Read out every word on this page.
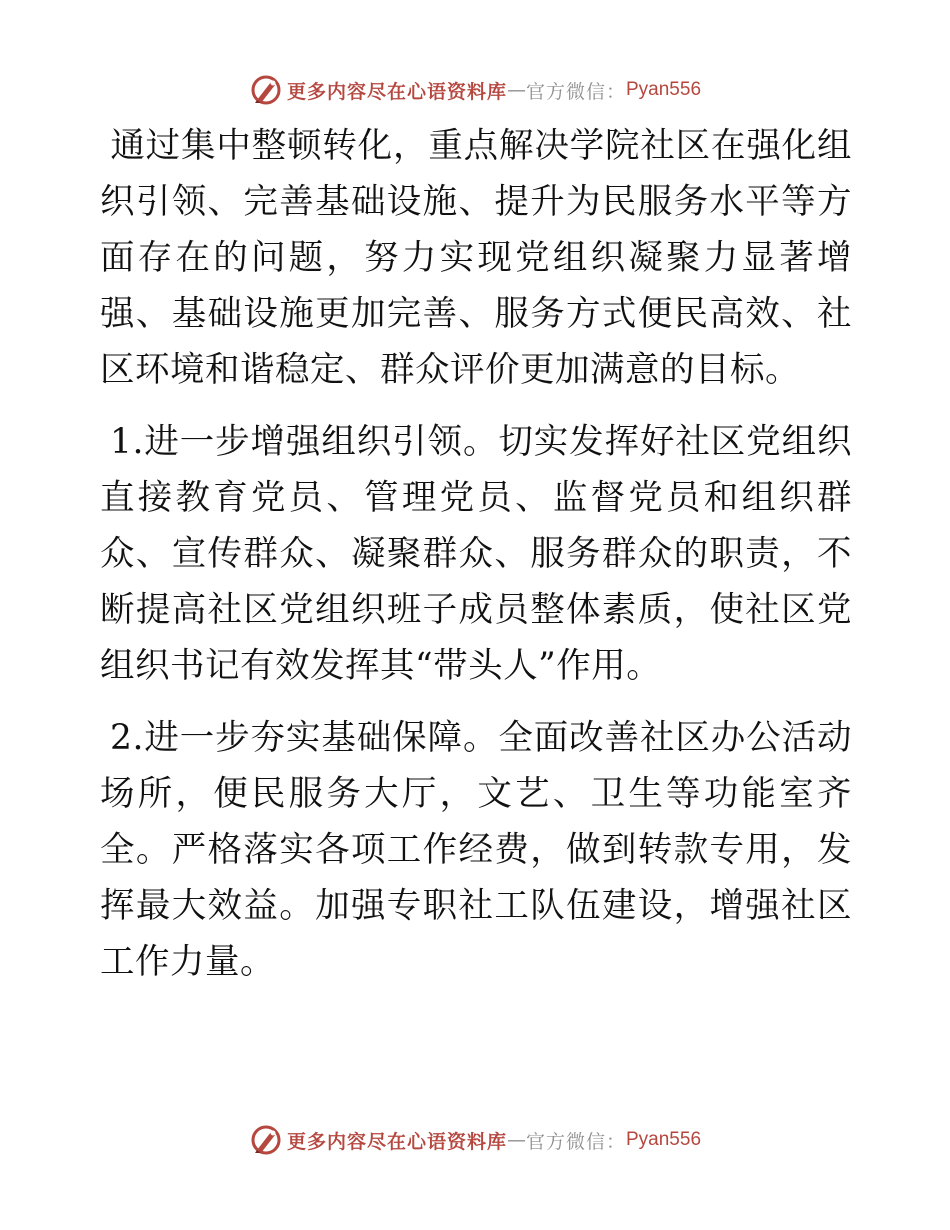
更多内容尽在心语资料库 — 官方微信： Pyan556

通过集中整顿转化，重点解决学院社区在强化组织引领、完善基础设施、提升为民服务水平等方面存在的问题，努力实现党组织凝聚力显著增强、基础设施更加完善、服务方式便民高效、社区环境和谐稳定、群众评价更加满意的目标。

1.进一步增强组织引领。切实发挥好社区党组织直接教育党员、管理党员、监督党员和组织群众、宣传群众、凝聚群众、服务群众的职责，不断提高社区党组织班子成员整体素质，使社区党组织书记有效发挥其“带头人”作用。

2.进一步夯实基础保障。全面改善社区办公活动场所，便民服务大厅，文艺、卫生等功能室齐全。严格落实各项工作经费，做到转款专用，发挥最大效益。加强专职社工队伍建设，增强社区工作力量。

更多内容尽在心语资料库 — 官方微信： Pyan556
